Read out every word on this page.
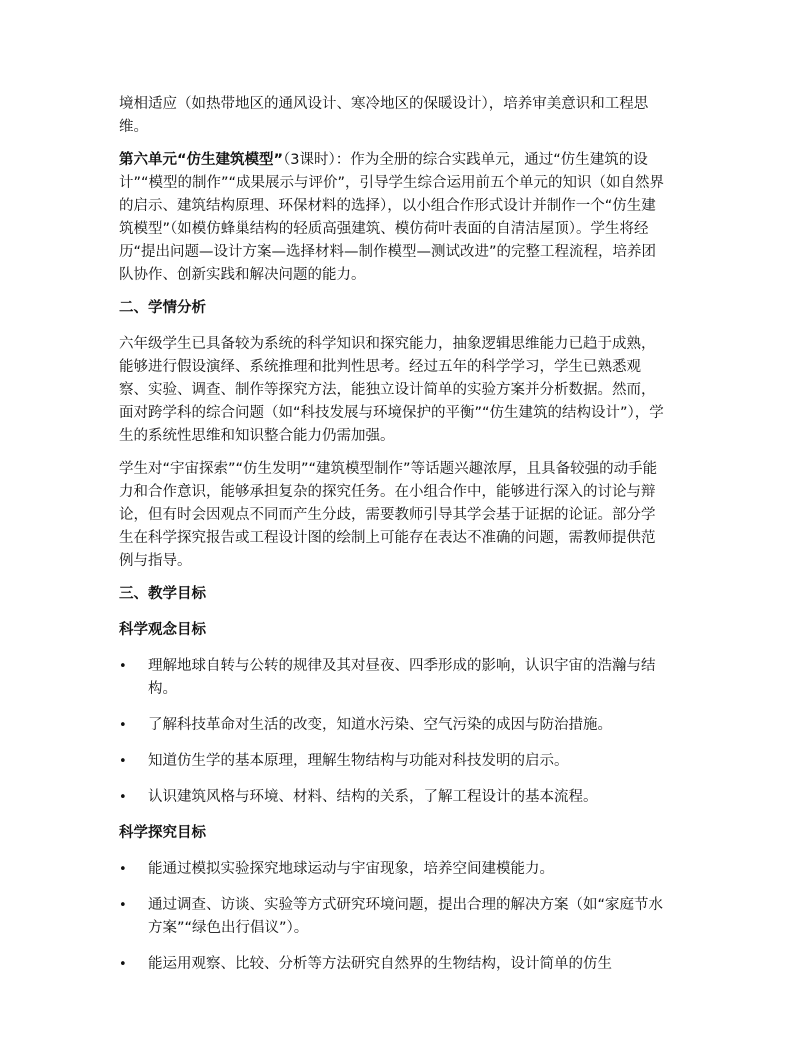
境相适应（如热带地区的通风设计、寒冷地区的保暖设计），培养审美意识和工程思维。

第六单元“仿生建筑模型”（3课时）：作为全册的综合实践单元，通过“仿生建筑的设计”“模型的制作”“成果展示与评价”，引导学生综合运用前五个单元的知识（如自然界的启示、建筑结构原理、环保材料的选择），以小组合作形式设计并制作一个“仿生建筑模型”（如模仿蜂巢结构的轻质高强建筑、模仿荷叶表面的自清洁屋顶）。学生将经历“提出问题—设计方案—选择材料—制作模型—测试改进”的完整工程流程，培养团队协作、创新实践和解决问题的能力。

二、学情分析

六年级学生已具备较为系统的科学知识和探究能力，抽象逻辑思维能力已趋于成熟，能够进行假设演绎、系统推理和批判性思考。经过五年的科学学习，学生已熟悉观察、实验、调查、制作等探究方法，能独立设计简单的实验方案并分析数据。然而，面对跨学科的综合问题（如“科技发展与环境保护的平衡”“仿生建筑的结构设计”），学生的系统性思维和知识整合能力仍需加强。

学生对“宇宙探索”“仿生发明”“建筑模型制作”等话题兴趣浓厚，且具备较强的动手能力和合作意识，能够承担复杂的探究任务。在小组合作中，能够进行深入的讨论与辩论，但有时会因观点不同而产生分歧，需要教师引导其学会基于证据的论证。部分学生在科学探究报告或工程设计图的绘制上可能存在表达不准确的问题，需教师提供范例与指导。

三、教学目标

科学观念目标

• 理解地球自转与公转的规律及其对昼夜、四季形成的影响，认识宇宙的浩瀚与结构。
• 了解科技革命对生活的改变，知道水污染、空气污染的成因与防治措施。
• 知道仿生学的基本原理，理解生物结构与功能对科技发明的启示。
• 认识建筑风格与环境、材料、结构的关系，了解工程设计的基本流程。

科学探究目标

• 能通过模拟实验探究地球运动与宇宙现象，培养空间建模能力。
• 通过调查、访谈、实验等方式研究环境问题，提出合理的解决方案（如“家庭节水方案”“绿色出行倡议”）。
• 能运用观察、比较、分析等方法研究自然界的生物结构，设计简单的仿生
